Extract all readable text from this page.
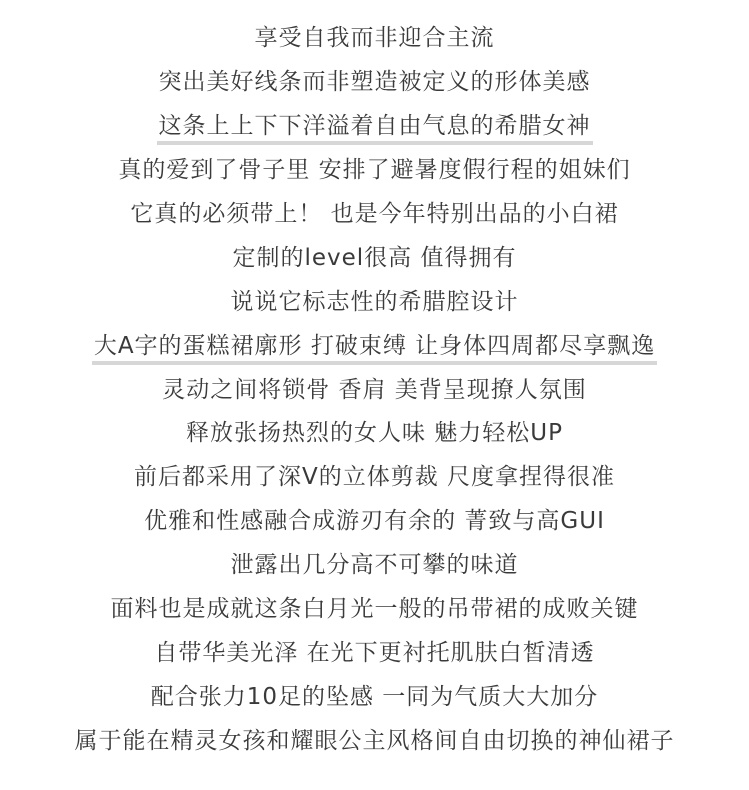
享受自我而非迎合主流
突出美好线条而非塑造被定义的形体美感
这条上上下下洋溢着自由气息的希腊女神
真的爱到了骨子里 安排了避暑度假行程的姐妹们
它真的必须带上！ 也是今年特别出品的小白裙
定制的level很高 值得拥有
说说它标志性的希腊腔设计
大A字的蛋糕裙廓形 打破束缚 让身体四周都尽享飘逸
灵动之间将锁骨 香肩 美背呈现撩人氛围
释放张扬热烈的女人味 魅力轻松UP
前后都采用了深V的立体剪裁 尺度拿捏得很准
优雅和性感融合成游刃有余的 菁致与高GUI
泄露出几分高不可攀的味道
面料也是成就这条白月光一般的吊带裙的成败关键
自带华美光泽 在光下更衬托肌肤白皙清透
配合张力10足的坠感 一同为气质大大加分
属于能在精灵女孩和耀眼公主风格间自由切换的神仙裙子
